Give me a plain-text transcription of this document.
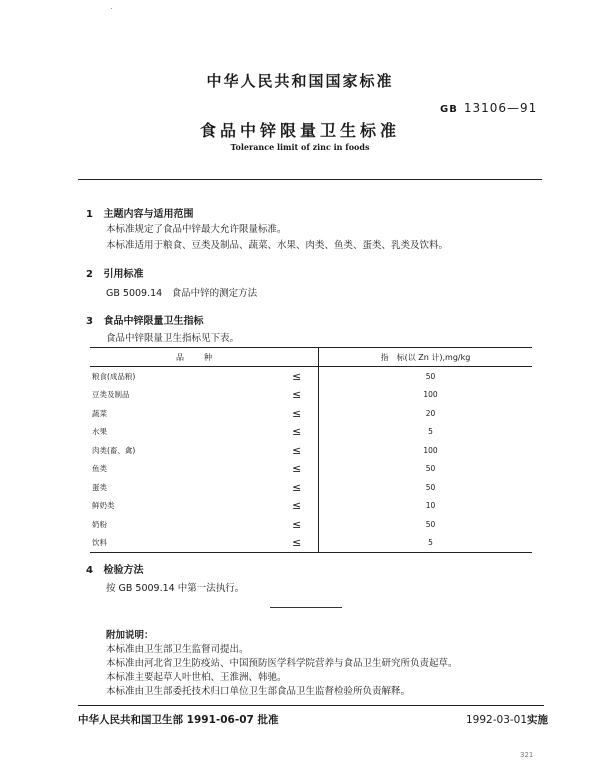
中华人民共和国国家标准
GB 13106—91
食品中锌限量卫生标准
Tolerance limit of zinc in foods
1 主题内容与适用范围
本标准规定了食品中锌最大允许限量标准。
本标准适用于粮食、豆类及制品、蔬菜、水果、肉类、鱼类、蛋类、乳类及饮料。
2 引用标准
GB 5009.14　食品中锌的测定方法
3 食品中锌限量卫生指标
食品中锌限量卫生指标见下表。
品种		指　标(以 Zn 计),mg/kg
粮食(成品粮)	≤	50
豆类及制品	≤	100
蔬菜	≤	20
水果	≤	5
肉类(畜、禽)	≤	100
鱼类	≤	50
蛋类	≤	50
鲜奶类	≤	10
奶粉	≤	50
饮料	≤	5
4 检验方法
按 GB 5009.14 中第一法执行。
附加说明：
本标准由卫生部卫生监督司提出。
本标准由河北省卫生防疫站、中国预防医学科学院营养与食品卫生研究所负责起草。
本标准主要起草人叶世柏、王淮洲、韩驰。
本标准由卫生部委托技术归口单位卫生部食品卫生监督检验所负责解释。
中华人民共和国卫生部 1991-06-07 批准	1992-03-01实施
321
